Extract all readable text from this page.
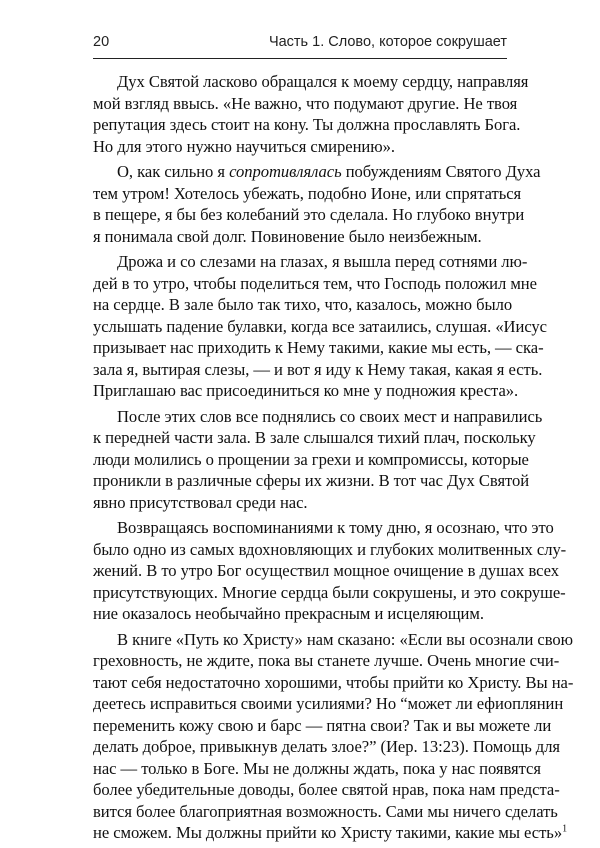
20	Часть 1. Слово, которое сокрушает
Дух Святой ласково обращался к моему сердцу, направляя
мой взгляд ввысь. «Не важно, что подумают другие. Не твоя
репутация здесь стоит на кону. Ты должна прославлять Бога.
Но для этого нужно научиться смирению».
О, как сильно я сопротивлялась побуждениям Святого Духа
тем утром! Хотелось убежать, подобно Ионе, или спрятаться
в пещере, я бы без колебаний это сделала. Но глубоко внутри
я понимала свой долг. Повиновение было неизбежным.
Дрожа и со слезами на глазах, я вышла перед сотнями лю-
дей в то утро, чтобы поделиться тем, что Господь положил мне
на сердце. В зале было так тихо, что, казалось, можно было
услышать падение булавки, когда все затаились, слушая. «Иисус
призывает нас приходить к Нему такими, какие мы есть, — ска-
зала я, вытирая слезы, — и вот я иду к Нему такая, какая я есть.
Приглашаю вас присоединиться ко мне у подножия креста».
После этих слов все поднялись со своих мест и направились
к передней части зала. В зале слышался тихий плач, поскольку
люди молились о прощении за грехи и компромиссы, которые
проникли в различные сферы их жизни. В тот час Дух Святой
явно присутствовал среди нас.
Возвращаясь воспоминаниями к тому дню, я осознаю, что это
было одно из самых вдохновляющих и глубоких молитвенных слу-
жений. В то утро Бог осуществил мощное очищение в душах всех
присутствующих. Многие сердца были сокрушены, и это сокруше-
ние оказалось необычайно прекрасным и исцеляющим.
В книге «Путь ко Христу» нам сказано: «Если вы осознали свою
греховность, не ждите, пока вы станете лучше. Очень многие счи-
тают себя недостаточно хорошими, чтобы прийти ко Христу. Вы на-
деетесь исправиться своими усилиями? Но “может ли ефиоплянин
переменить кожу свою и барс — пятна свои? Так и вы можете ли
делать доброе, привыкнув делать злое?” (Иер. 13:23). Помощь для
нас — только в Боге. Мы не должны ждать, пока у нас появятся
более убедительные доводы, более святой нрав, пока нам предста-
вится более благоприятная возможность. Сами мы ничего сделать
не сможем. Мы должны прийти ко Христу такими, какие мы есть»$^1$
